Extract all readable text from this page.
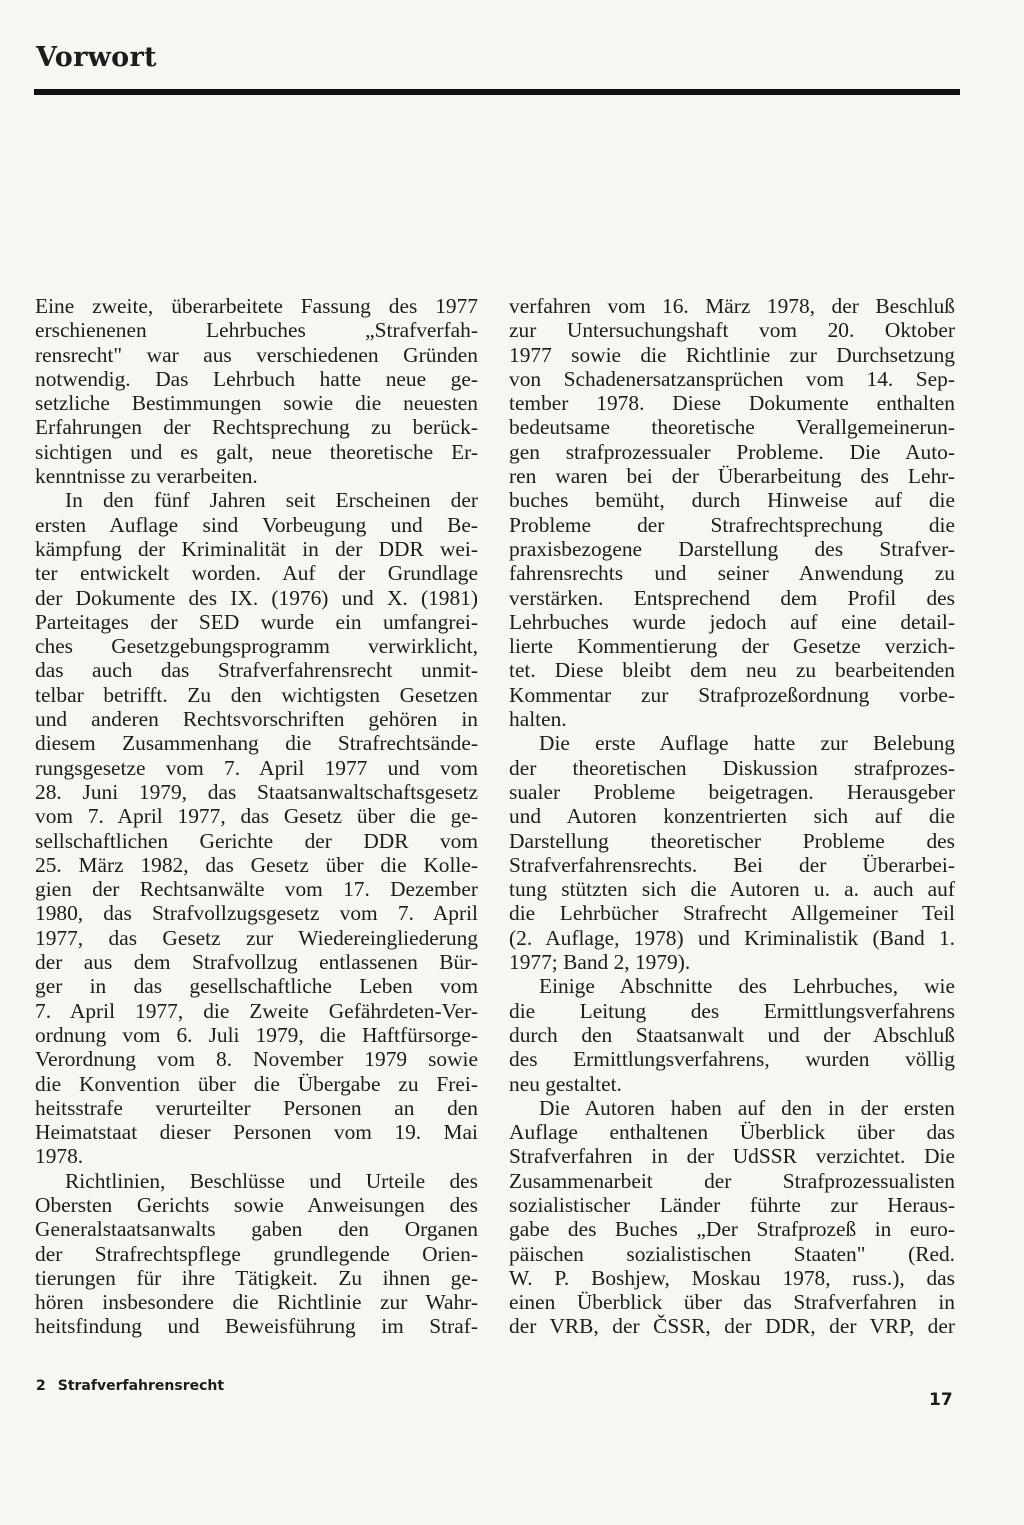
Vorwort
Eine zweite, überarbeitete Fassung des 1977
erschienenen Lehrbuches „Strafverfah-
rensrecht" war aus verschiedenen Gründen
notwendig. Das Lehrbuch hatte neue ge-
setzliche Bestimmungen sowie die neuesten
Erfahrungen der Rechtsprechung zu berück-
sichtigen und es galt, neue theoretische Er-
kenntnisse zu verarbeiten.
In den fünf Jahren seit Erscheinen der
ersten Auflage sind Vorbeugung und Be-
kämpfung der Kriminalität in der DDR wei-
ter entwickelt worden. Auf der Grundlage
der Dokumente des IX. (1976) und X. (1981)
Parteitages der SED wurde ein umfangrei-
ches Gesetzgebungsprogramm verwirklicht,
das auch das Strafverfahrensrecht unmit-
telbar betrifft. Zu den wichtigsten Gesetzen
und anderen Rechtsvorschriften gehören in
diesem Zusammenhang die Strafrechtsände-
rungsgesetze vom 7. April 1977 und vom
28. Juni 1979, das Staatsanwaltschaftsgesetz
vom 7. April 1977, das Gesetz über die ge-
sellschaftlichen Gerichte der DDR vom
25. März 1982, das Gesetz über die Kolle-
gien der Rechtsanwälte vom 17. Dezember
1980, das Strafvollzugsgesetz vom 7. April
1977, das Gesetz zur Wiedereingliederung
der aus dem Strafvollzug entlassenen Bür-
ger in das gesellschaftliche Leben vom
7. April 1977, die Zweite Gefährdeten-Ver-
ordnung vom 6. Juli 1979, die Haftfürsorge-
Verordnung vom 8. November 1979 sowie
die Konvention über die Übergabe zu Frei-
heitsstrafe verurteilter Personen an den
Heimatstaat dieser Personen vom 19. Mai
1978.
Richtlinien, Beschlüsse und Urteile des
Obersten Gerichts sowie Anweisungen des
Generalstaatsanwalts gaben den Organen
der Strafrechtspflege grundlegende Orien-
tierungen für ihre Tätigkeit. Zu ihnen ge-
hören insbesondere die Richtlinie zur Wahr-
heitsfindung und Beweisführung im Straf-
verfahren vom 16. März 1978, der Beschluß
zur Untersuchungshaft vom 20. Oktober
1977 sowie die Richtlinie zur Durchsetzung
von Schadenersatzansprüchen vom 14. Sep-
tember 1978. Diese Dokumente enthalten
bedeutsame theoretische Verallgemeinerun-
gen strafprozessualer Probleme. Die Auto-
ren waren bei der Überarbeitung des Lehr-
buches bemüht, durch Hinweise auf die
Probleme der Strafrechtsprechung die
praxisbezogene Darstellung des Strafver-
fahrensrechts und seiner Anwendung zu
verstärken. Entsprechend dem Profil des
Lehrbuches wurde jedoch auf eine detail-
lierte Kommentierung der Gesetze verzich-
tet. Diese bleibt dem neu zu bearbeitenden
Kommentar zur Strafprozeßordnung vorbe-
halten.
Die erste Auflage hatte zur Belebung
der theoretischen Diskussion strafprozes-
sualer Probleme beigetragen. Herausgeber
und Autoren konzentrierten sich auf die
Darstellung theoretischer Probleme des
Strafverfahrensrechts. Bei der Überarbei-
tung stützten sich die Autoren u. a. auch auf
die Lehrbücher Strafrecht Allgemeiner Teil
(2. Auflage, 1978) und Kriminalistik (Band 1.
1977; Band 2, 1979).
Einige Abschnitte des Lehrbuches, wie
die Leitung des Ermittlungsverfahrens
durch den Staatsanwalt und der Abschluß
des Ermittlungsverfahrens, wurden völlig
neu gestaltet.
Die Autoren haben auf den in der ersten
Auflage enthaltenen Überblick über das
Strafverfahren in der UdSSR verzichtet. Die
Zusammenarbeit der Strafprozessualisten
sozialistischer Länder führte zur Heraus-
gabe des Buches „Der Strafprozeß in euro-
päischen sozialistischen Staaten" (Red.
W. P. Boshjew, Moskau 1978, russ.), das
einen Überblick über das Strafverfahren in
der VRB, der ČSSR, der DDR, der VRP, der
2 Strafverfahrensrecht
17
